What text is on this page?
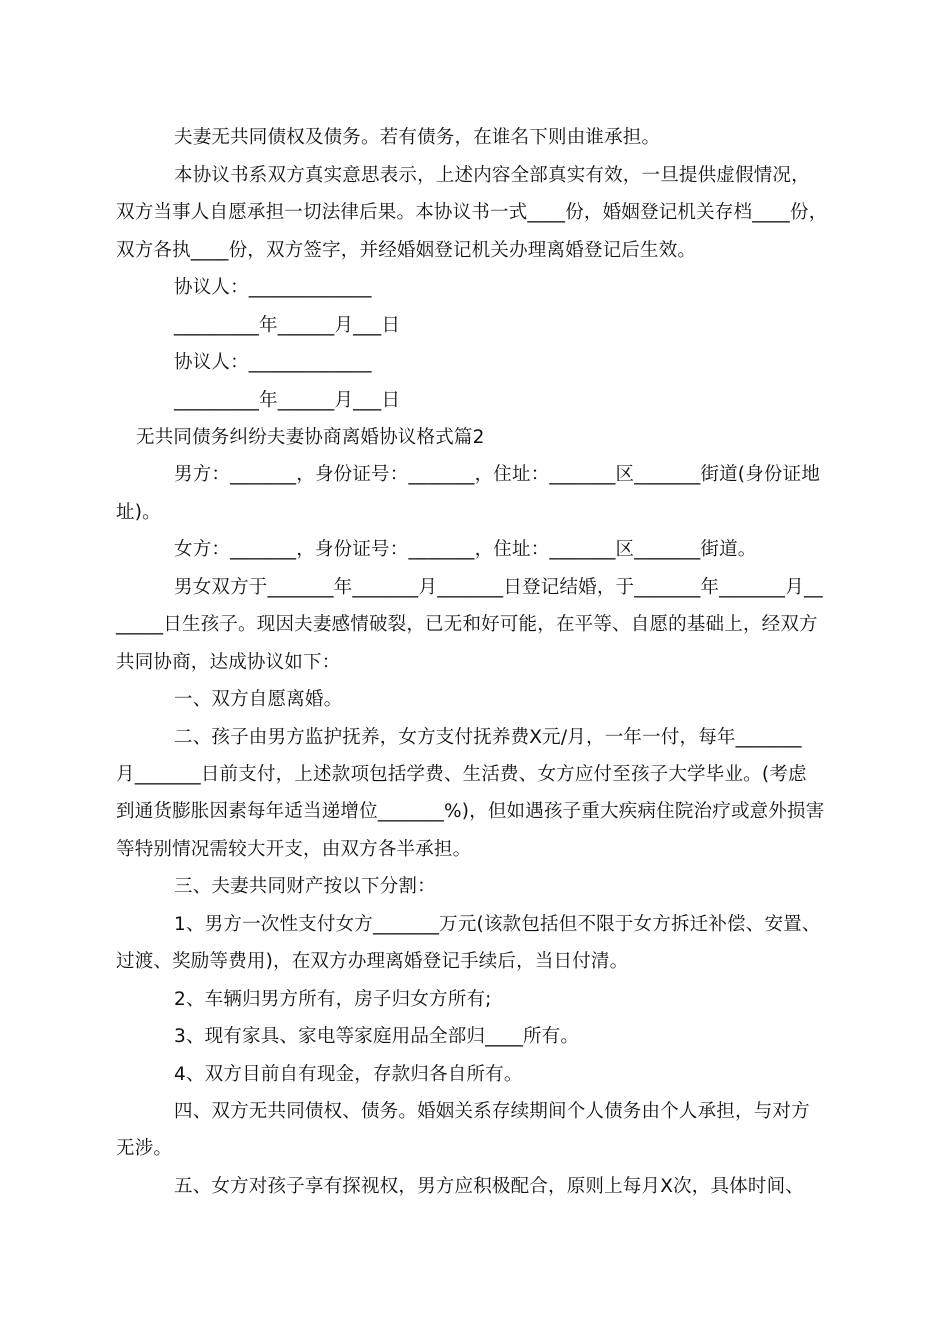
夫妻无共同债权及债务。若有债务，在谁名下则由谁承担。
本协议书系双方真实意思表示，上述内容全部真实有效，一旦提供虚假情况，
双方当事人自愿承担一切法律后果。本协议书一式____份，婚姻登记机关存档____份，
双方各执____份，双方签字，并经婚姻登记机关办理离婚登记后生效。
协议人：_____________
_________年______月___日
协议人：_____________
_________年______月___日
无共同债务纠纷夫妻协商离婚协议格式篇2
男方：_______，身份证号：_______，住址：_______区_______街道(身份证地
址)。
女方：_______，身份证号：_______，住址：_______区_______街道。
男女双方于_______年_______月_______日登记结婚，于_______年_______月__
_____日生孩子。现因夫妻感情破裂，已无和好可能，在平等、自愿的基础上，经双方
共同协商，达成协议如下：
一、双方自愿离婚。
二、孩子由男方监护抚养，女方支付抚养费X元/月，一年一付，每年_______
月_______日前支付，上述款项包括学费、生活费、女方应付至孩子大学毕业。(考虑
到通货膨胀因素每年适当递增位_______%)，但如遇孩子重大疾病住院治疗或意外损害
等特别情况需较大开支，由双方各半承担。
三、夫妻共同财产按以下分割：
1、男方一次性支付女方_______万元(该款包括但不限于女方拆迁补偿、安置、
过渡、奖励等费用)，在双方办理离婚登记手续后，当日付清。
2、车辆归男方所有，房子归女方所有;
3、现有家具、家电等家庭用品全部归____所有。
4、双方目前自有现金，存款归各自所有。
四、双方无共同债权、债务。婚姻关系存续期间个人债务由个人承担，与对方
无涉。
五、女方对孩子享有探视权，男方应积极配合，原则上每月X次，具体时间、
